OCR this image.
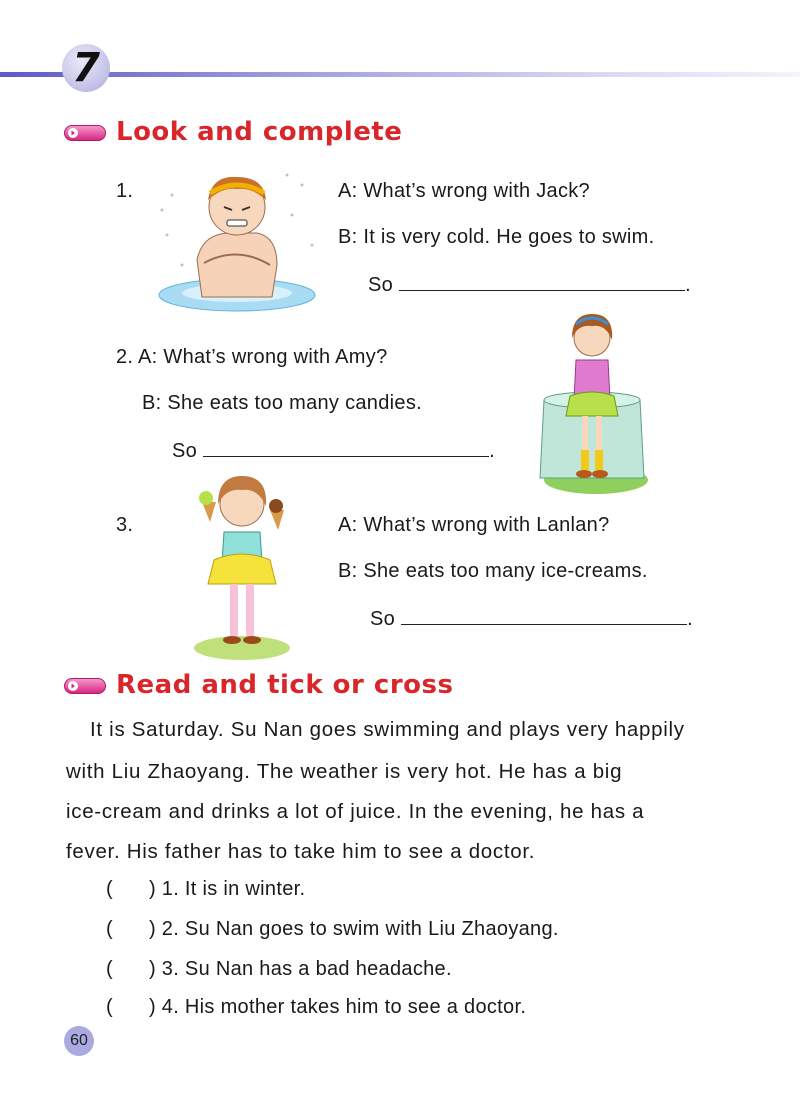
7
Look and complete
1.	A: What’s wrong with Jack?
B: It is very cold. He goes to swim.
So	.
2. A: What’s wrong with Amy?
B: She eats too many candies.
So	.
3.	A: What’s wrong with Lanlan?
B: She eats too many ice-creams.
So	.
Read and tick or cross
It is Saturday. Su Nan goes swimming and plays very happily
with Liu Zhaoyang. The weather is very hot. He has a big
ice-cream and drinks a lot of juice. In the evening, he has a
fever. His father has to take him to see a doctor.
( ) 1. It is in winter.
( ) 2. Su Nan goes to swim with Liu Zhaoyang.
( ) 3. Su Nan has a bad headache.
( ) 4. His mother takes him to see a doctor.
60
